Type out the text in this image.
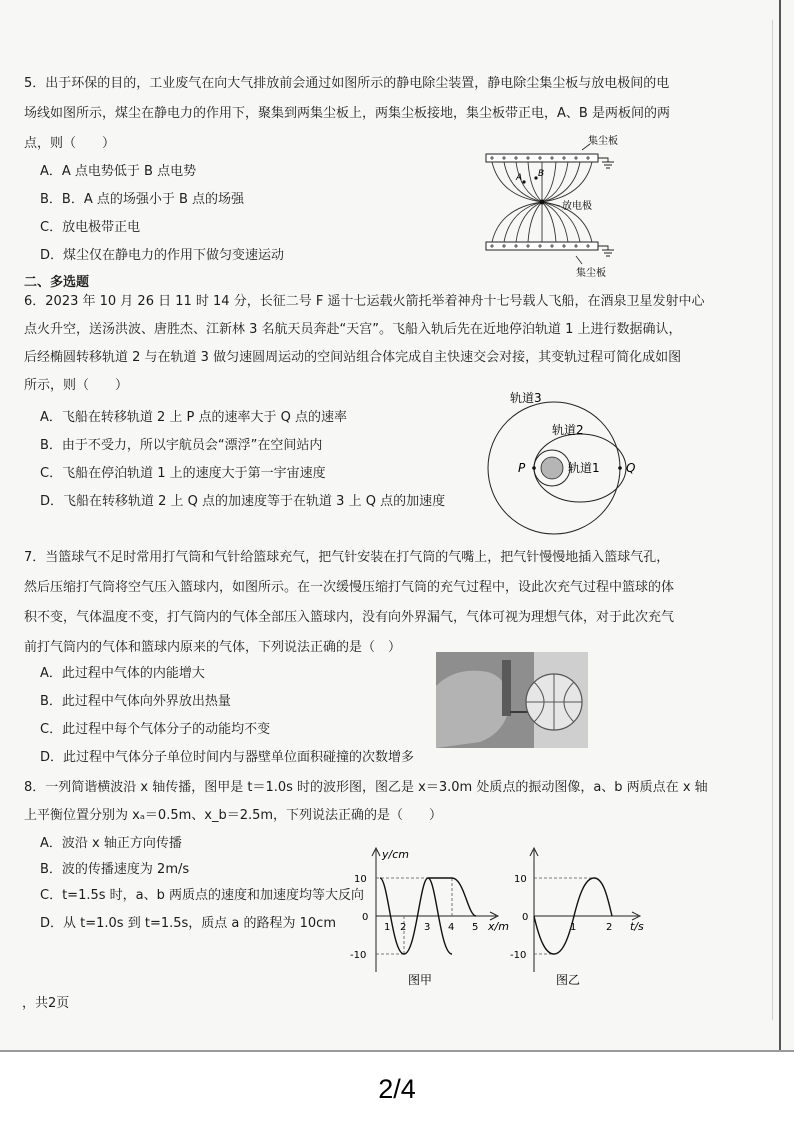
5．出于环保的目的，工业废气在向大气排放前会通过如图所示的静电除尘装置，静电除尘集尘板与放电极间的电
场线如图所示，煤尘在静电力的作用下，聚集到两集尘板上，两集尘板接地，集尘板带正电，A、B 是两板间的两
点，则（　　）
A．A 点电势低于 B 点电势
B．B．A 点的场强小于 B 点的场强
C．放电极带正电
D．煤尘仅在静电力的作用下做匀变速运动
A B
集尘板
放电极
集尘板
二、多选题
6．2023 年 10 月 26 日 11 时 14 分，长征二号 F 遥十七运载火箭托举着神舟十七号载人飞船，在酒泉卫星发射中心
点火升空，送汤洪波、唐胜杰、江新林 3 名航天员奔赴“天宫”。飞船入轨后先在近地停泊轨道 1 上进行数据确认，
后经椭圆转移轨道 2 与在轨道 3 做匀速圆周运动的空间站组合体完成自主快速交会对接，其变轨过程可简化成如图
所示，则（　　）
A．飞船在转移轨道 2 上 P 点的速率大于 Q 点的速率
B．由于不受力，所以宇航员会“漂浮”在空间站内
C．飞船在停泊轨道 1 上的速度大于第一宇宙速度
D．飞船在转移轨道 2 上 Q 点的加速度等于在轨道 3 上 Q 点的加速度
轨道3
轨道2
轨道1
P	Q
7．当篮球气不足时常用打气筒和气针给篮球充气，把气针安装在打气筒的气嘴上，把气针慢慢地插入篮球气孔，
然后压缩打气筒将空气压入篮球内，如图所示。在一次缓慢压缩打气筒的充气过程中，设此次充气过程中篮球的体
积不变，气体温度不变，打气筒内的气体全部压入篮球内，没有向外界漏气，气体可视为理想气体，对于此次充气
前打气筒内的气体和篮球内原来的气体，下列说法正确的是（　）
A．此过程中气体的内能增大
B．此过程中气体向外界放出热量
C．此过程中每个气体分子的动能均不变
D．此过程中气体分子单位时间内与器壁单位面积碰撞的次数增多
8．一列简谐横波沿 x 轴传播，图甲是 t＝1.0s 时的波形图，图乙是 x＝3.0m 处质点的振动图像，a、b 两质点在 x 轴
上平衡位置分别为 xₐ＝0.5m、x_b＝2.5m，下列说法正确的是（　　）
A．波沿 x 轴正方向传播
B．波的传播速度为 2m/s
C．t=1.5s 时，a、b 两质点的速度和加速度均等大反向
D．从 t=1.0s 到 t=1.5s，质点 a 的路程为 10cm
y/cm
x/m
10
0
-10
1 2 3 4 5
图甲
t/s
10
0
-10
1	2
图乙
，共2页
2/4
